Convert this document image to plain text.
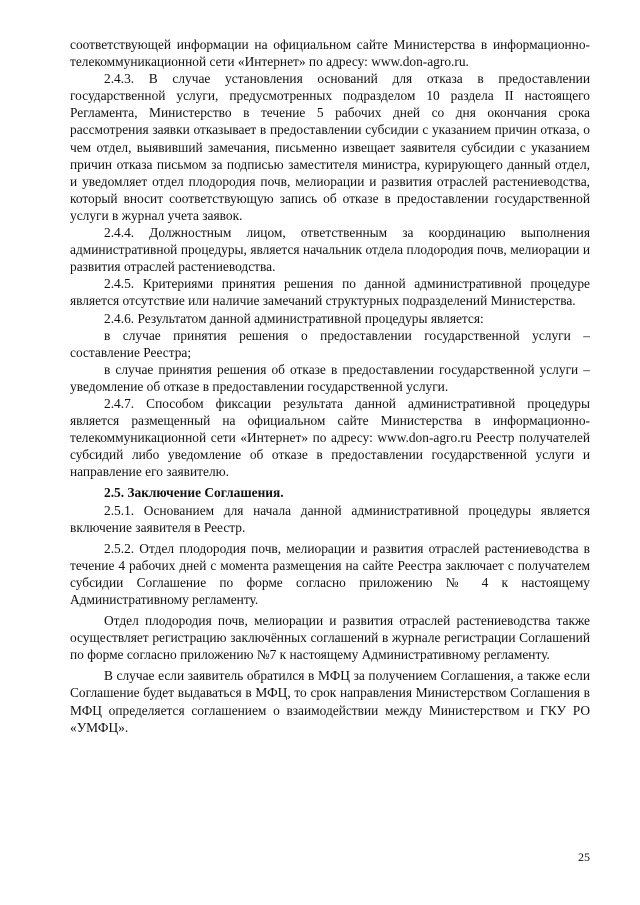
соответствующей информации на официальном сайте Министерства в информационно-телекоммуникационной сети «Интернет» по адресу: www.don-agro.ru.

2.4.3. В случае установления оснований для отказа в предоставлении государственной услуги, предусмотренных подразделом 10 раздела II настоящего Регламента, Министерство в течение 5 рабочих дней со дня окончания срока рассмотрения заявки отказывает в предоставлении субсидии с указанием причин отказа, о чем отдел, выявивший замечания, письменно извещает заявителя субсидии с указанием причин отказа письмом за подписью заместителя министра, курирующего данный отдел, и уведомляет отдел плодородия почв, мелиорации и развития отраслей растениеводства, который вносит соответствующую запись об отказе в предоставлении государственной услуги в журнал учета заявок.

2.4.4. Должностным лицом, ответственным за координацию выполнения административной процедуры, является начальник отдела плодородия почв, мелиорации и развития отраслей растениеводства.

2.4.5. Критериями принятия решения по данной административной процедуре является отсутствие или наличие замечаний структурных подразделений Министерства.

2.4.6. Результатом данной административной процедуры является:

в случае принятия решения о предоставлении государственной услуги – составление Реестра;

в случае принятия решения об отказе в предоставлении государственной услуги – уведомление об отказе в предоставлении государственной услуги.

2.4.7. Способом фиксации результата данной административной процедуры является размещенный на официальном сайте Министерства в информационно-телекоммуникационной сети «Интернет» по адресу: www.don-agro.ru Реестр получателей субсидий либо уведомление об отказе в предоставлении государственной услуги и направление его заявителю.

2.5. Заключение Соглашения.

2.5.1. Основанием для начала данной административной процедуры является включение заявителя в Реестр.

2.5.2. Отдел плодородия почв, мелиорации и развития отраслей растениеводства в течение 4 рабочих дней с момента размещения на сайте Реестра заключает с получателем субсидии Соглашение по форме согласно приложению № 4 к настоящему Административному регламенту.

Отдел плодородия почв, мелиорации и развития отраслей растениеводства также осуществляет регистрацию заключённых соглашений в журнале регистрации Соглашений по форме согласно приложению №7 к настоящему Административному регламенту.

В случае если заявитель обратился в МФЦ за получением Соглашения, а также если Соглашение будет выдаваться в МФЦ, то срок направления Министерством Соглашения в МФЦ определяется соглашением о взаимодействии между Министерством и ГКУ РО «УМФЦ».

25
